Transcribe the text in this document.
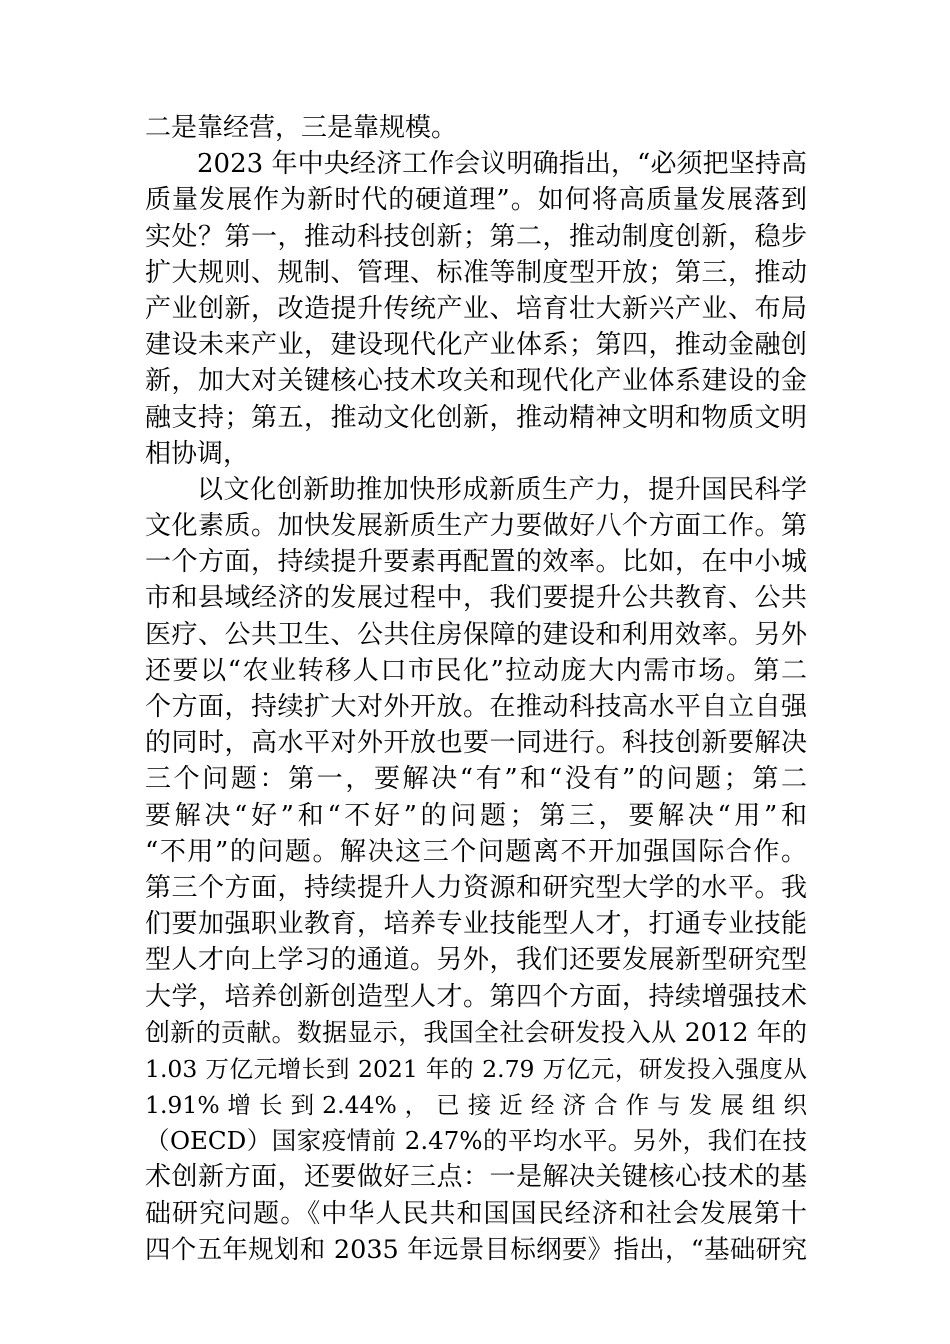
二是靠经营，三是靠规模。
2023 年中央经济工作会议明确指出，“必须把坚持高
质量发展作为新时代的硬道理”。如何将高质量发展落到
实处？第一，推动科技创新；第二，推动制度创新，稳步
扩大规则、规制、管理、标准等制度型开放；第三，推动
产业创新，改造提升传统产业、培育壮大新兴产业、布局
建设未来产业，建设现代化产业体系；第四，推动金融创
新，加大对关键核心技术攻关和现代化产业体系建设的金
融支持；第五，推动文化创新，推动精神文明和物质文明
相协调，
以文化创新助推加快形成新质生产力，提升国民科学
文化素质。加快发展新质生产力要做好八个方面工作。第
一个方面，持续提升要素再配置的效率。比如，在中小城
市和县域经济的发展过程中，我们要提升公共教育、公共
医疗、公共卫生、公共住房保障的建设和利用效率。另外
还要以“农业转移人口市民化”拉动庞大内需市场。第二
个方面，持续扩大对外开放。在推动科技高水平自立自强
的同时，高水平对外开放也要一同进行。科技创新要解决
三个问题：第一，要解决“有”和“没有”的问题；第二
要解决“好”和“不好”的问题；第三，要解决“用”和
“不用”的问题。解决这三个问题离不开加强国际合作。
第三个方面，持续提升人力资源和研究型大学的水平。我
们要加强职业教育，培养专业技能型人才，打通专业技能
型人才向上学习的通道。另外，我们还要发展新型研究型
大学，培养创新创造型人才。第四个方面，持续增强技术
创新的贡献。数据显示，我国全社会研发投入从 2012 年的
1.03 万亿元增长到 2021 年的 2.79 万亿元，研发投入强度从
1.91% 增 长 到 2.44% ， 已 接 近 经 济 合 作 与 发 展 组 织
（OECD）国家疫情前 2.47%的平均水平。另外，我们在技
术创新方面，还要做好三点：一是解决关键核心技术的基
础研究问题。《中华人民共和国国民经济和社会发展第十
四个五年规划和 2035 年远景目标纲要》指出，“基础研究
